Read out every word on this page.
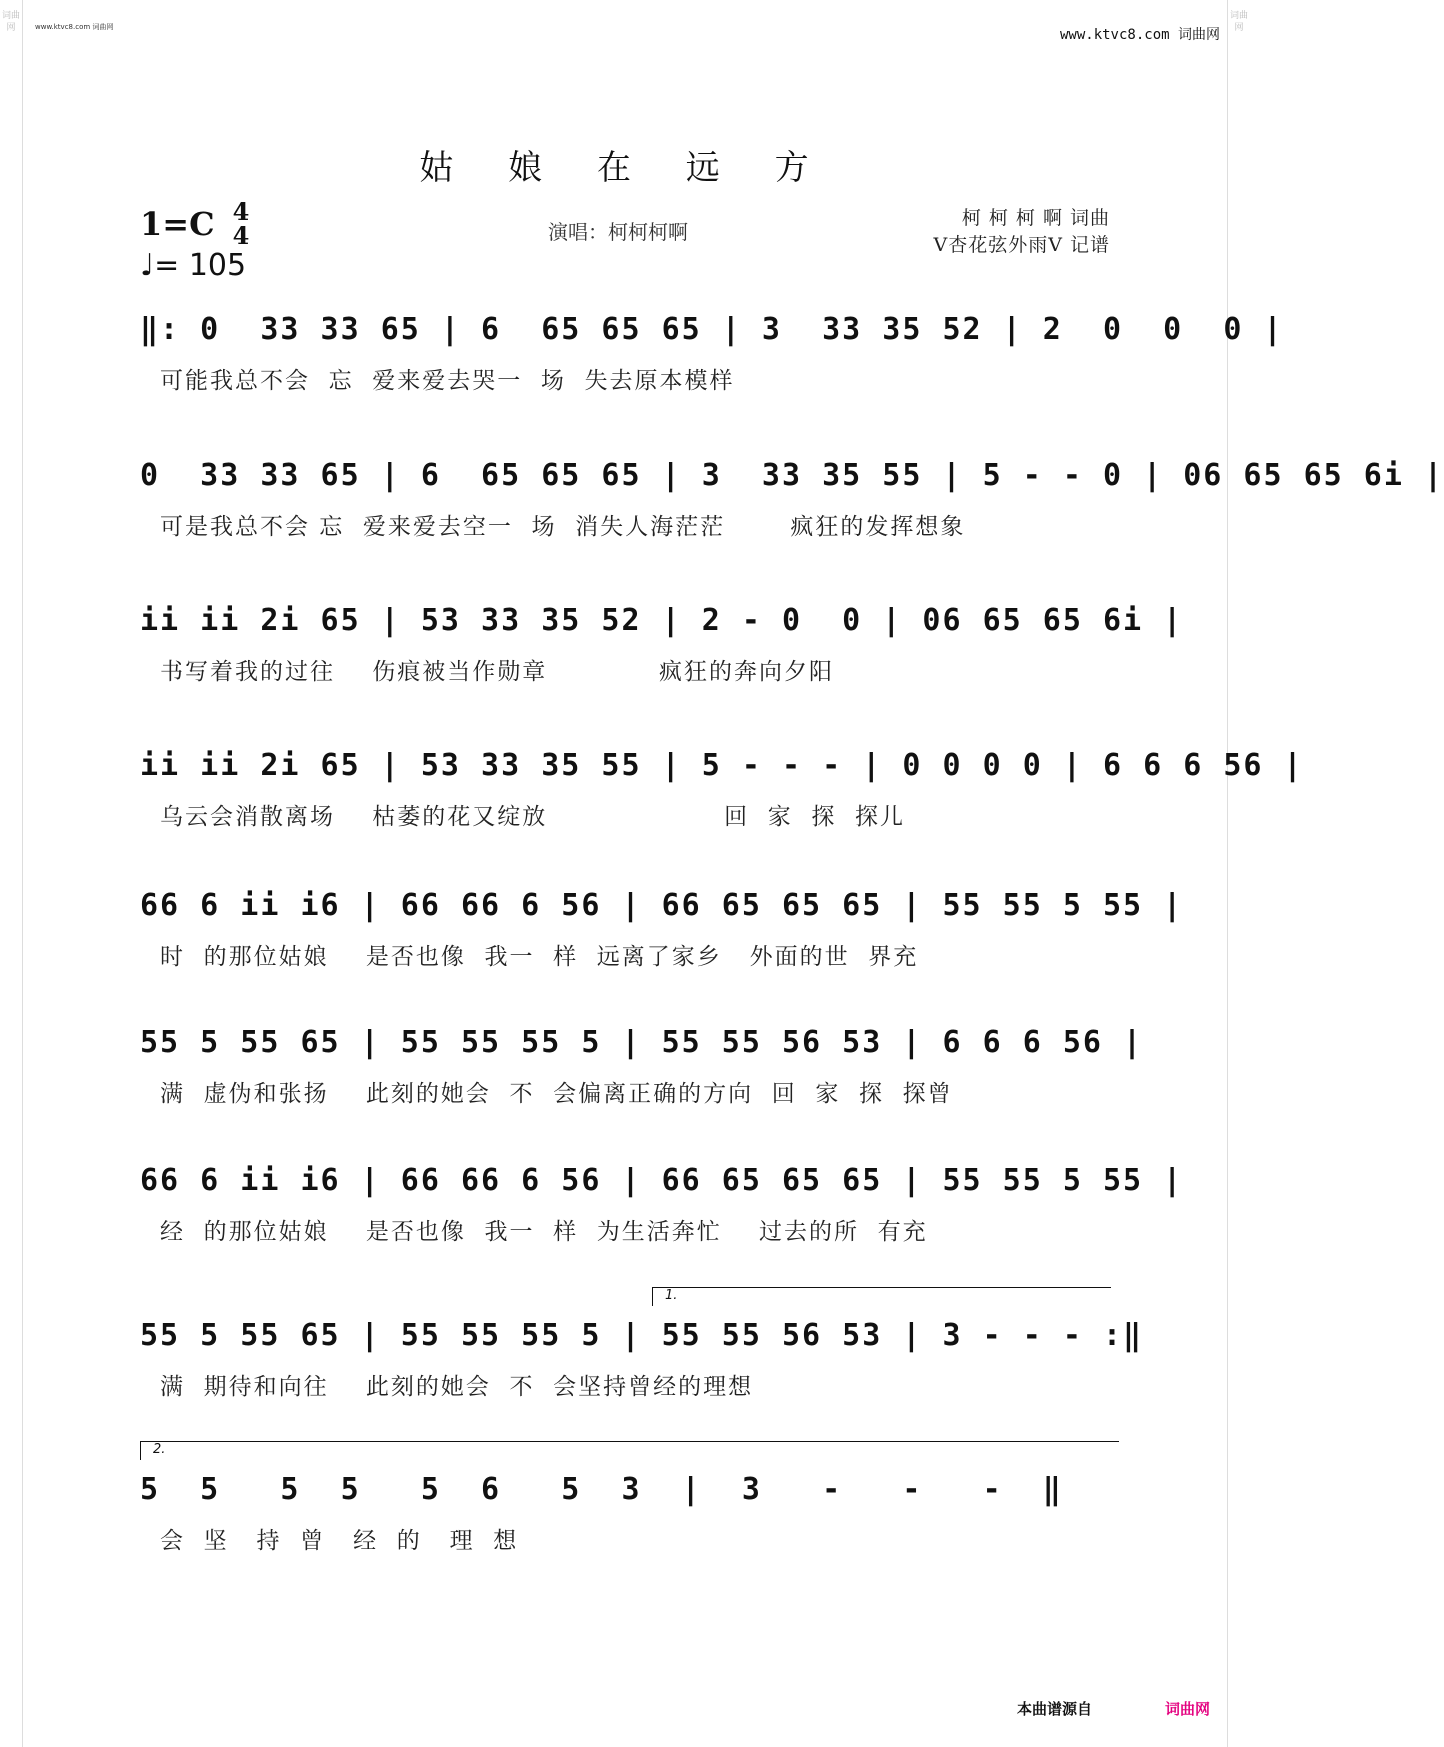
词曲网
词曲网
www.ktvc8.com 词曲网	www.ktvc8.com 词曲网
姑 娘 在 远 方
1=C 4
4
♩= 105
演唱：柯柯柯啊
柯 柯 柯 啊 词曲
V杏花弦外雨V 记谱
‖: 0  33 33 65 | 6  65 65 65 | 3  33 35 52 | 2  0  0  0 |
可能我总不会  忘  爱来爱去哭一  场  失去原本模样
0  33 33 65 | 6  65 65 65 | 3  33 35 55 | 5 - - 0 | 06 65 65 6i |
可是我总不会 忘  爱来爱去空一  场  消失人海茫茫       疯狂的发挥想象
ii ii 2i 65 | 53 33 35 52 | 2 - 0  0 | 06 65 65 6i |
书写着我的过往    伤痕被当作勋章            疯狂的奔向夕阳
ii ii 2i 65 | 53 33 35 55 | 5 - - - | 0 0 0 0 | 6 6 6 56 |
乌云会消散离场    枯萎的花又绽放                   回  家  探  探儿
66 6 ii i6 | 66 66 6 56 | 66 65 65 65 | 55 55 5 55 |
时  的那位姑娘    是否也像  我一  样  远离了家乡   外面的世  界充
55 5 55 65 | 55 55 55 5 | 55 55 56 53 | 6 6 6 56 |
满  虚伪和张扬    此刻的她会  不  会偏离正确的方向  回  家  探  探曾
66 6 ii i6 | 66 66 6 56 | 66 65 65 65 | 55 55 5 55 |
经  的那位姑娘    是否也像  我一  样  为生活奔忙    过去的所  有充
1.
55 5 55 65 | 55 55 55 5 | 55 55 56 53 | 3 - - - :‖
满  期待和向往    此刻的她会  不  会坚持曾经的理想
2.
5  5   5  5   5  6   5  3  |  3   -   -   -  ‖
会  坚   持  曾   经  的   理  想
本曲谱源自	词曲网
